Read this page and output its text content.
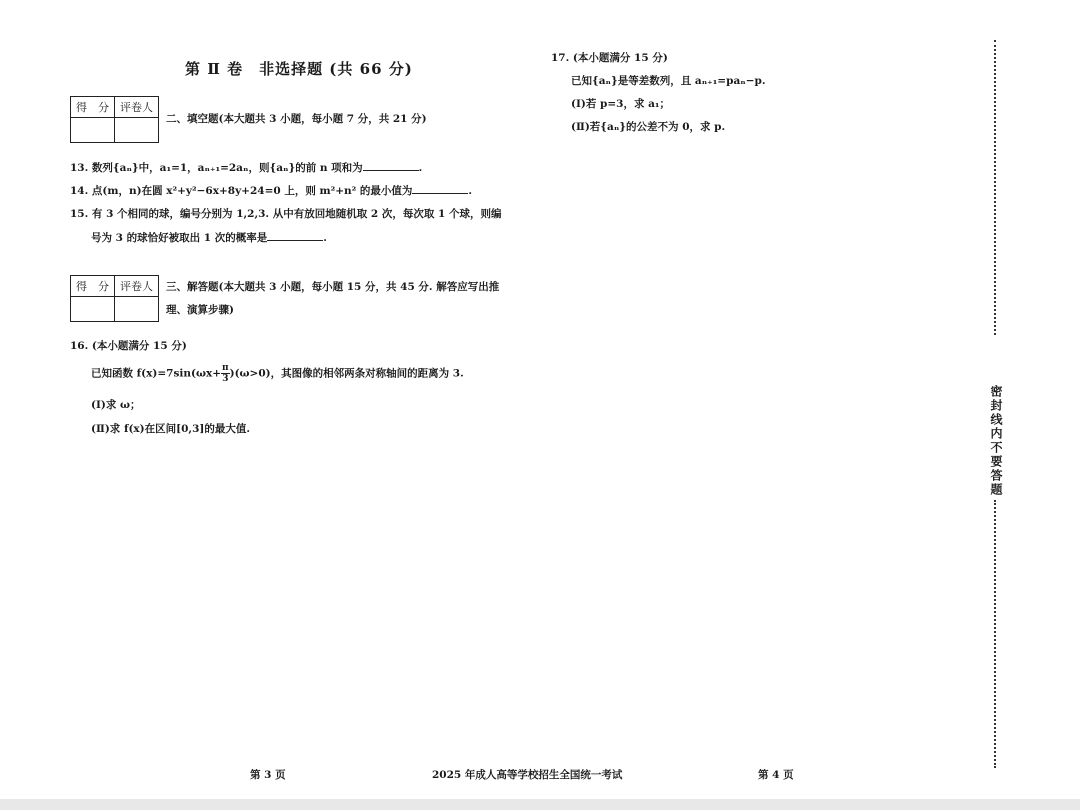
第 Ⅱ 卷　非选择题 (共 66 分)
得　分	评卷人

二、填空题(本大题共 3 小题，每小题 7 分，共 21 分)
13. 数列{aₙ}中，a₁=1，aₙ₊₁=2aₙ，则{aₙ}的前 n 项和为	.
14. 点(m，n)在圆 x²+y²−6x+8y+24=0 上，则 m²+n² 的最小值为	.
15. 有 3 个相同的球，编号分别为 1,2,3. 从中有放回地随机取 2 次，每次取 1 个球，则编
号为 3 的球恰好被取出 1 次的概率是	.
得　分	评卷人
	三、解答题(本大题共 3 小题，每小题 15 分，共 45 分. 解答应写出推
理、演算步骤)
16. (本小题满分 15 分)
已知函数 $f(x)=7\sin(\omega x+ \frac{\pi}{3} )(\omega>0)$，其图像的相邻两条对称轴间的距离为 3.
(Ⅰ)求 ω；
(Ⅱ)求 f(x)在区间[0,3]的最大值.
17. (本小题满分 15 分)
已知{aₙ}是等差数列，且 aₙ₊₁=paₙ−p.
(Ⅰ)若 p=3，求 a₁；
(Ⅱ)若{aₙ}的公差不为 0，求 p.
密封线内不要答题
第 3 页	2025 年成人高等学校招生全国统一考试	第 4 页
